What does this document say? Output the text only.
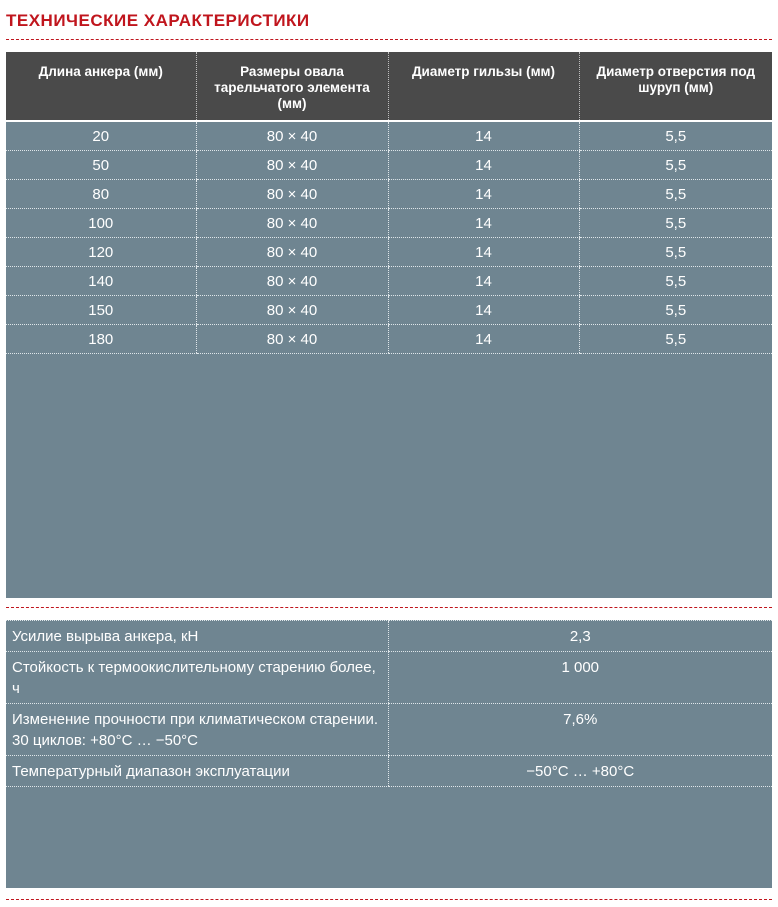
ТЕХНИЧЕСКИЕ ХАРАКТЕРИСТИКИ
Длина анкера (мм)	Размеры овала тарельчатого элемента (мм)	Диаметр гильзы (мм)	Диаметр отверстия под шуруп (мм)

20	80 × 40	14	5,5
50	80 × 40	14	5,5
80	80 × 40	14	5,5
100	80 × 40	14	5,5
120	80 × 40	14	5,5
140	80 × 40	14	5,5
150	80 × 40	14	5,5
180	80 × 40	14	5,5
Усилие вырыва анкера, кН	2,3
Стойкость к термоокислительному старению более, ч	1 000
Изменение прочности при климатическом старении. 30 циклов: +80°С … −50°С	7,6%
Температурный диапазон эксплуатации	−50°С … +80°С
